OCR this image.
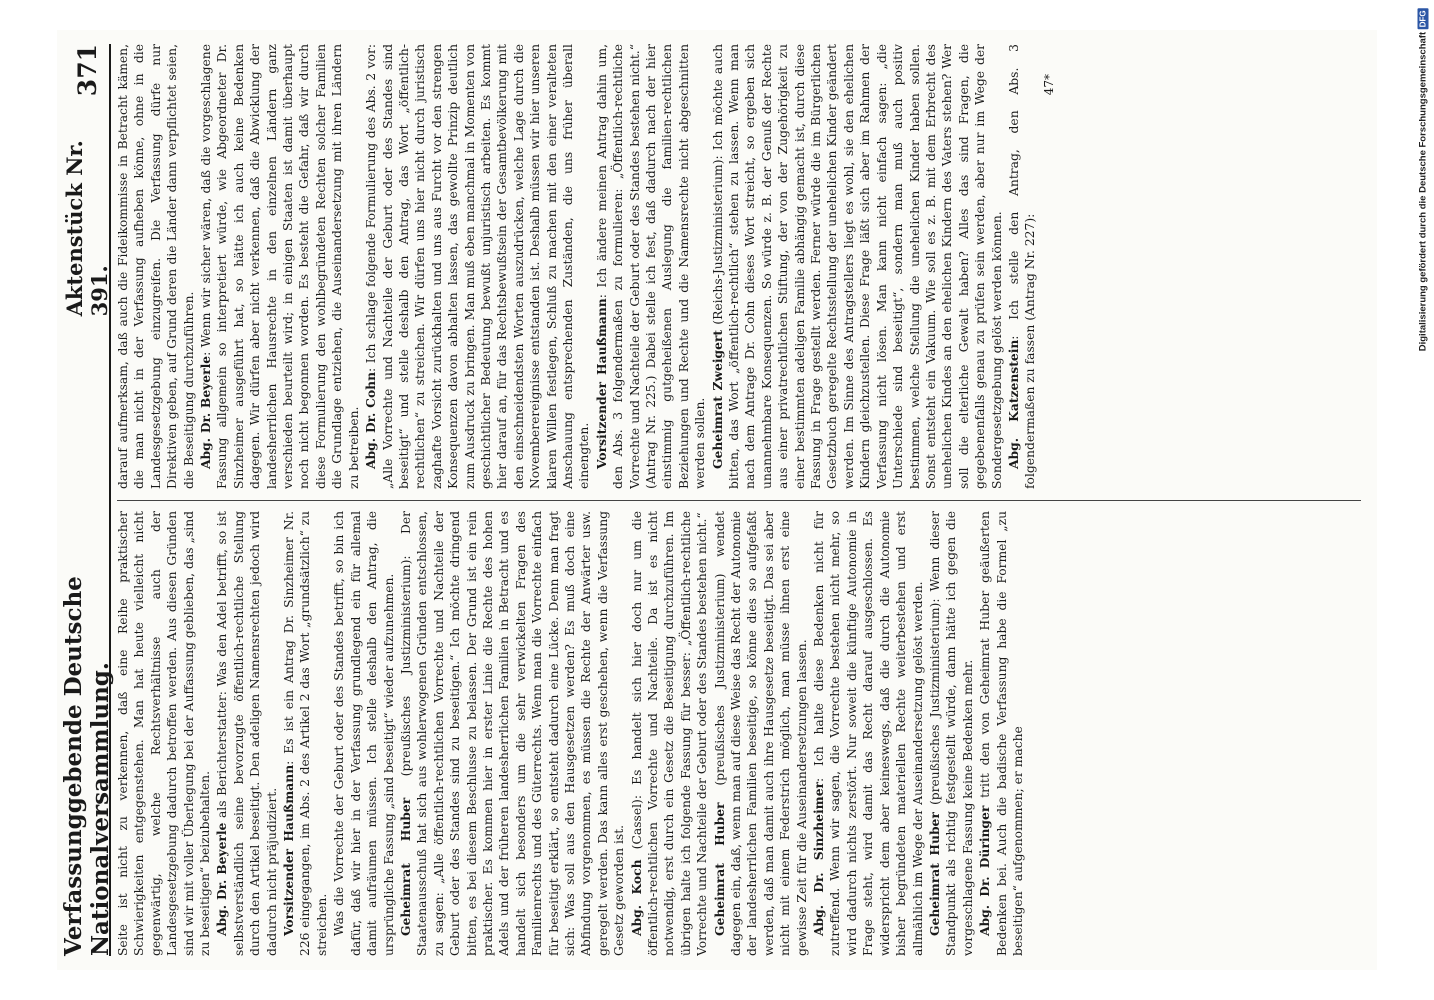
Verfassunggebende Deutsche Nationalversammlung.
Aktenstück Nr. 391.
371

Seite ist nicht zu verkennen, daß eine Reihe praktischer Schwierigkeiten entgegenstehen. Man hat heute vielleicht nicht gegenwärtig, welche Rechtsverhältnisse auch der Landesgesetzgebung dadurch betroffen werden. Aus diesen Gründen sind wir mit voller Überlegung bei der Auffassung geblieben, das „sind zu beseitigen“ beizubehalten. Abg. Dr. Beyerle als Berichterstatter: Was den Adel betrifft, so ist selbstverständlich seine bevorzugte öffentlich-rechtliche Stellung durch den Artikel beseitigt. Den adeligen Namensrechten jedoch wird dadurch nicht präjudiziert. Vorsitzender Haußmann: Es ist ein Antrag Dr. Sinzheimer Nr. 226 eingegangen, im Abs. 2 des Artikel 2 das Wort „grundsätzlich“ zu streichen. Was die Vorrechte der Geburt oder des Standes betrifft, so bin ich dafür, daß wir hier in der Verfassung grundlegend ein für allemal damit aufräumen müssen. Ich stelle deshalb den Antrag, die ursprüngliche Fassung „sind beseitigt“ wieder aufzunehmen. Geheimrat Huber (preußisches Justizministerium): Der Staatenausschuß hat sich aus wohlerwogenen Gründen entschlossen, zu sagen: „Alle öffentlich-rechtlichen Vorrechte und Nachteile der Geburt oder des Standes sind zu beseitigen.“ Ich möchte dringend bitten, es bei diesem Beschlusse zu belassen. Der Grund ist ein rein praktischer. Es kommen hier in erster Linie die Rechte des hohen Adels und der früheren landesherrlichen Familien in Betracht und es handelt sich besonders um die sehr verwickelten Fragen des Familienrechts und des Güterrechts. Wenn man die Vorrechte einfach für beseitigt erklärt, so entsteht dadurch eine Lücke. Denn man fragt sich: Was soll aus den Hausgesetzen werden? Es muß doch eine Abfindung vorgenommen, es müssen die Rechte der Anwärter usw. geregelt werden. Das kann alles erst geschehen, wenn die Verfassung Gesetz geworden ist. Abg. Koch (Cassel): Es handelt sich hier doch nur um die öffentlich-rechtlichen Vorrechte und Nachteile. Da ist es nicht notwendig, erst durch ein Gesetz die Beseitigung durchzuführen. Im übrigen halte ich folgende Fassung für besser: „Öffentlich-rechtliche Vorrechte und Nachteile der Geburt oder des Standes bestehen nicht.“ Geheimrat Huber (preußisches Justizministerium) wendet dagegen ein, daß, wenn man auf diese Weise das Recht der Autonomie der landesherrlichen Familien beseitige, so könne dies so aufgefaßt werden, daß man damit auch ihre Hausgesetze beseitigt. Das sei aber nicht mit einem Federstrich möglich, man müsse ihnen erst eine gewisse Zeit für die Auseinandersetzungen lassen. Abg. Dr. Sinzheimer: Ich halte diese Bedenken nicht für zutreffend. Wenn wir sagen, die Vorrechte bestehen nicht mehr, so wird dadurch nichts zerstört. Nur soweit die künftige Autonomie in Frage steht, wird damit das Recht darauf ausgeschlossen. Es widerspricht dem aber keineswegs, daß die durch die Autonomie bisher begründeten materiellen Rechte weiterbestehen und erst allmählich im Wege der Auseinandersetzung gelöst werden. Geheimrat Huber (preußisches Justizministerium): Wenn dieser Standpunkt als richtig festgestellt würde, dann hätte ich gegen die vorgeschlagene Fassung keine Bedenken mehr. Abg. Dr. Düringer tritt den von Geheimrat Huber geäußerten Bedenken bei. Auch die badische Verfassung habe die Formel „zu beseitigen“ aufgenommen; er mache

darauf aufmerksam, daß auch die Fideikommisse in Betracht kämen, die man nicht in der Verfassung aufheben könne, ohne in die Landesgesetzgebung einzugreifen. Die Verfassung dürfe nur Direktiven geben, auf Grund deren die Länder dann verpflichtet seien, die Beseitigung durchzuführen. Abg. Dr. Beyerle: Wenn wir sicher wären, daß die vorgeschlagene Fassung allgemein so interpretiert würde, wie Abgeordneter Dr. Sinzheimer ausgeführt hat, so hätte ich auch keine Bedenken dagegen. Wir dürfen aber nicht verkennen, daß die Abwicklung der landesherrlichen Hausrechte in den einzelnen Ländern ganz verschieden beurteilt wird; in einigen Staaten ist damit überhaupt noch nicht begonnen worden. Es besteht die Gefahr, daß wir durch diese Formulierung den wohlbegründeten Rechten solcher Familien die Grundlage entziehen, die Auseinandersetzung mit ihren Ländern zu betreiben. Abg. Dr. Cohn: Ich schlage folgende Formulierung des Abs. 2 vor: „Alle Vorrechte und Nachteile der Geburt oder des Standes sind beseitigt“ und stelle deshalb den Antrag, das Wort „öffentlich-rechtlichen“ zu streichen. Wir dürfen uns hier nicht durch juristisch zaghafte Vorsicht zurückhalten und uns aus Furcht vor den strengen Konsequenzen davon abhalten lassen, das gewollte Prinzip deutlich zum Ausdruck zu bringen. Man muß eben manchmal in Momenten von geschichtlicher Bedeutung bewußt unjuristisch arbeiten. Es kommt hier darauf an, für das Rechtsbewußtsein der Gesamtbevölkerung mit den einschneidendsten Worten auszudrücken, welche Lage durch die Novemberereignisse entstanden ist. Deshalb müssen wir hier unseren klaren Willen festlegen, Schluß zu machen mit den einer veralteten Anschauung entsprechenden Zuständen, die uns früher überall einengten. Vorsitzender Haußmann: Ich ändere meinen Antrag dahin um, den Abs. 3 folgendermaßen zu formulieren: „Öffentlich-rechtliche Vorrechte und Nachteile der Geburt oder des Standes bestehen nicht.“ (Antrag Nr. 225.) Dabei stelle ich fest, daß dadurch nach der hier einstimmig gutgeheißenen Auslegung die familien-rechtlichen Beziehungen und Rechte und die Namensrechte nicht abgeschnitten werden sollen. Geheimrat Zweigert (Reichs-Justizministerium): Ich möchte auch bitten, das Wort „öffentlich-rechtlich“ stehen zu lassen. Wenn man nach dem Antrage Dr. Cohn dieses Wort streicht, so ergeben sich unannehmbare Konsequenzen. So würde z. B. der Genuß der Rechte aus einer privatrechtlichen Stiftung, der von der Zugehörigkeit zu einer bestimmten adeligen Familie abhängig gemacht ist, durch diese Fassung in Frage gestellt werden. Ferner würde die im Bürgerlichen Gesetzbuch geregelte Rechtsstellung der unehelichen Kinder geändert werden. Im Sinne des Antragstellers liegt es wohl, sie den ehelichen Kindern gleichzustellen. Diese Frage läßt sich aber im Rahmen der Verfassung nicht lösen. Man kann nicht einfach sagen: „die Unterschiede sind beseitigt“, sondern man muß auch positiv bestimmen, welche Stellung die unehelichen Kinder haben sollen. Sonst entsteht ein Vakuum. Wie soll es z. B. mit dem Erbrecht des unehelichen Kindes an den ehelichen Kindern des Vaters stehen? Wer soll die elterliche Gewalt haben? Alles das sind Fragen, die gegebenenfalls genau zu prüfen sein werden, aber nur im Wege der Sondergesetzgebung gelöst werden können. Abg. Katzenstein: Ich stelle den Antrag, den Abs. 3 folgendermaßen zu fassen (Antrag Nr. 227):

47*	Digitalisierung gefördert durch die Deutsche Forschungsgemeinschaft
DFG
